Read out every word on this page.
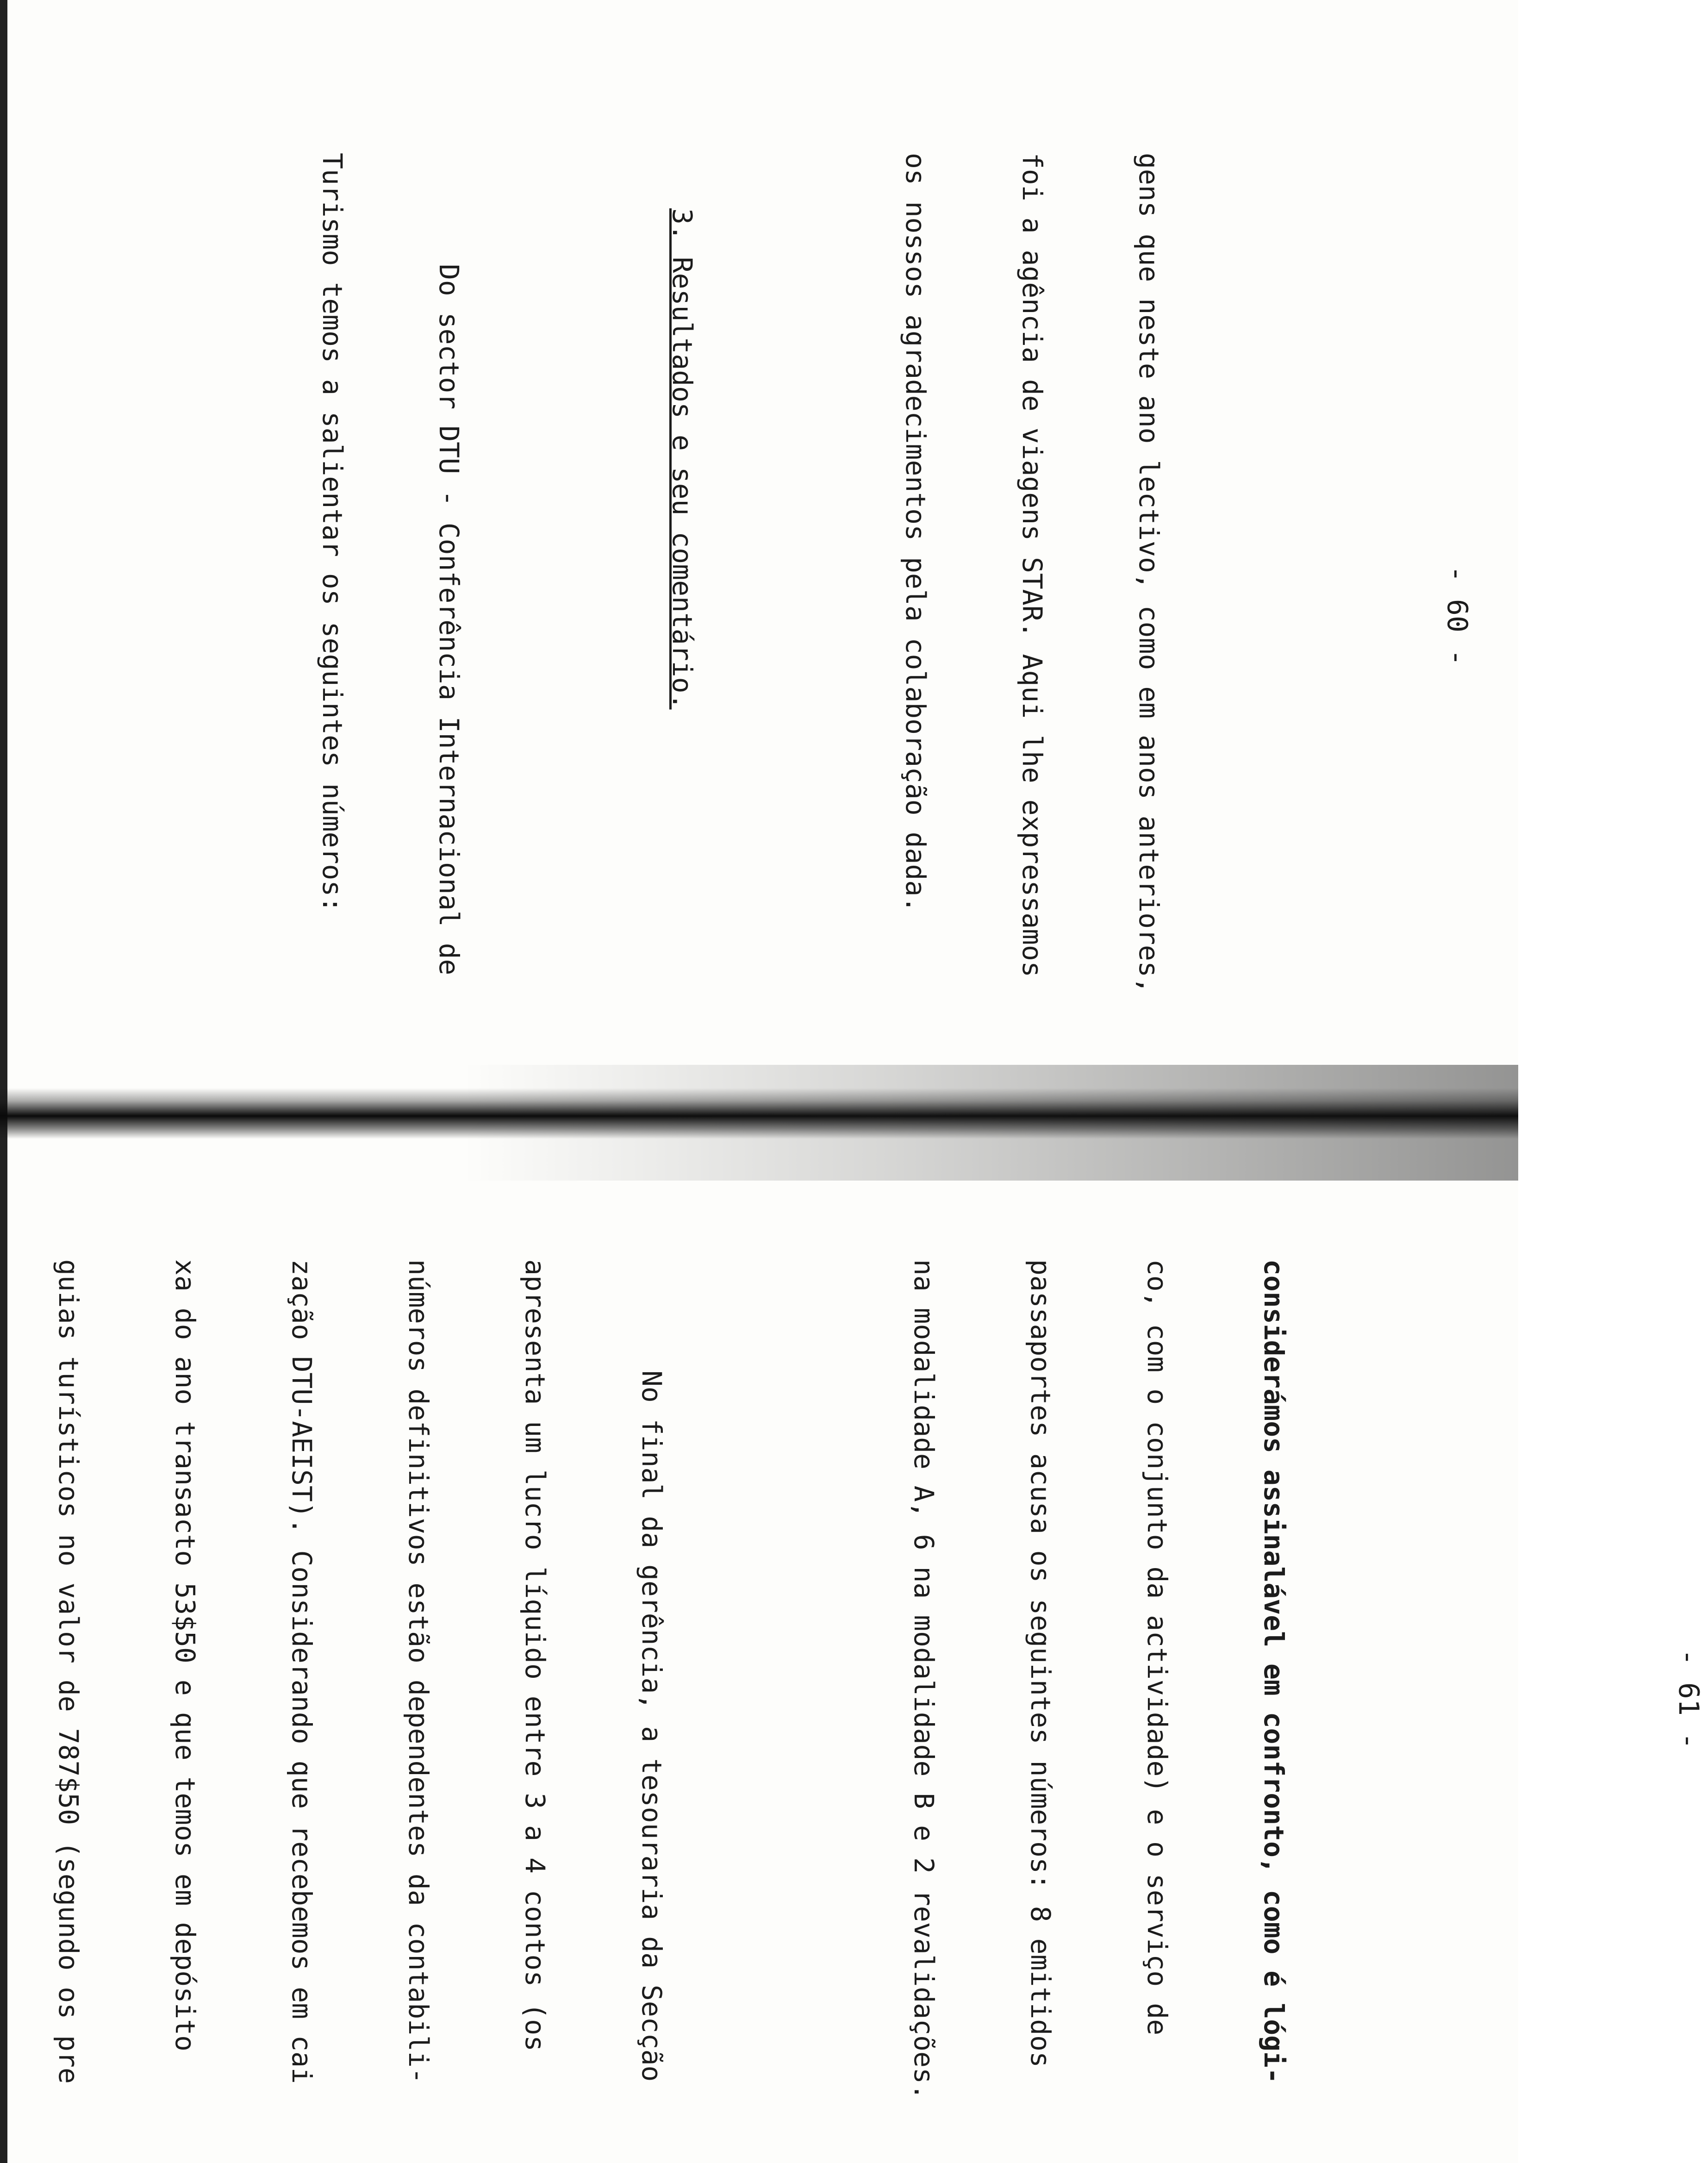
- 60 -

gens que neste ano lectivo, como em anos anteriores,

foi a agência de viagens STAR. Aqui lhe expressamos

os nossos agradecimentos pela colaboração dada.

3. Resultados e seu comentário.

Do sector DTU - Conferência Internacional de

Turismo temos a salientar os seguintes números:

- 61 -

considerámos assinalável em confronto, como é lógi-

co, com o conjunto da actividade) e o serviço de

passaportes acusa os seguintes números: 8 emitidos

na modalidade A, 6 na modalidade B e 2 revalidações.

No final da gerência, a tesouraria da Secção

apresenta um lucro líquido entre 3 a 4 contos (os

números definitivos estão dependentes da contabili-

zação DTU-AEIST). Considerando que recebemos em cai

xa do ano transacto 53$50 e que temos em depósito

guias turísticos no valor de 787$50 (segundo os pre
